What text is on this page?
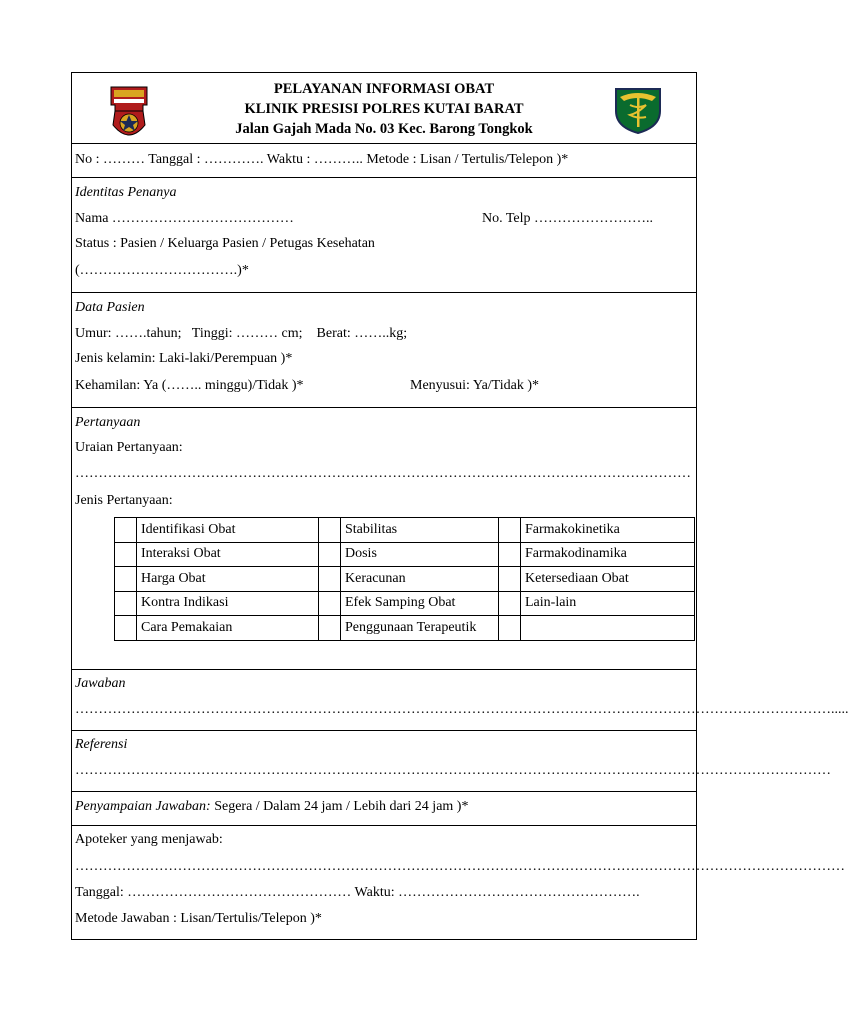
PELAYANAN INFORMASI OBAT
KLINIK PRESISI POLRES KUTAI BARAT
Jalan Gajah Mada No. 03 Kec. Barong Tongkok
No : ……… Tanggal : …………. Waktu : ……….. Metode : Lisan / Tertulis/Telepon )*
Identitas Penanya
Nama …………………………………	No. Telp ……………………..
Status : Pasien / Keluarga Pasien / Petugas Kesehatan
(…………………………….)*
Data Pasien
Umur: …….tahun;   Tinggi: ……… cm;    Berat: ……..kg;
Jenis kelamin: Laki-laki/Perempuan )*
Kehamilan: Ya (…….. minggu)/Tidak )*	Menyusui: Ya/Tidak )*
Pertanyaan
Uraian Pertanyaan:
……………………………………………………………………………………………………………………
Jenis Pertanyaan:
	Identifikasi Obat		Stabilitas		Farmakokinetika
	Interaksi Obat		Dosis		Farmakodinamika
	Harga Obat		Keracunan		Ketersediaan Obat
	Kontra Indikasi		Efek Samping Obat		Lain-lain
	Cara Pemakaian		Penggunaan Terapeutik		
Jawaban
……………………………………………………………………………………………………………………………………………….....
Referensi
………………………………………………………………………………………………………………………………………………
Penyampaian Jawaban: Segera / Dalam 24 jam / Lebih dari 24 jam )*
Apoteker yang menjawab:
…………………………………………………………………………………………………………………………………………………
Tanggal: ………………………………………… Waktu: …………………………………………….
Metode Jawaban : Lisan/Tertulis/Telepon )*
